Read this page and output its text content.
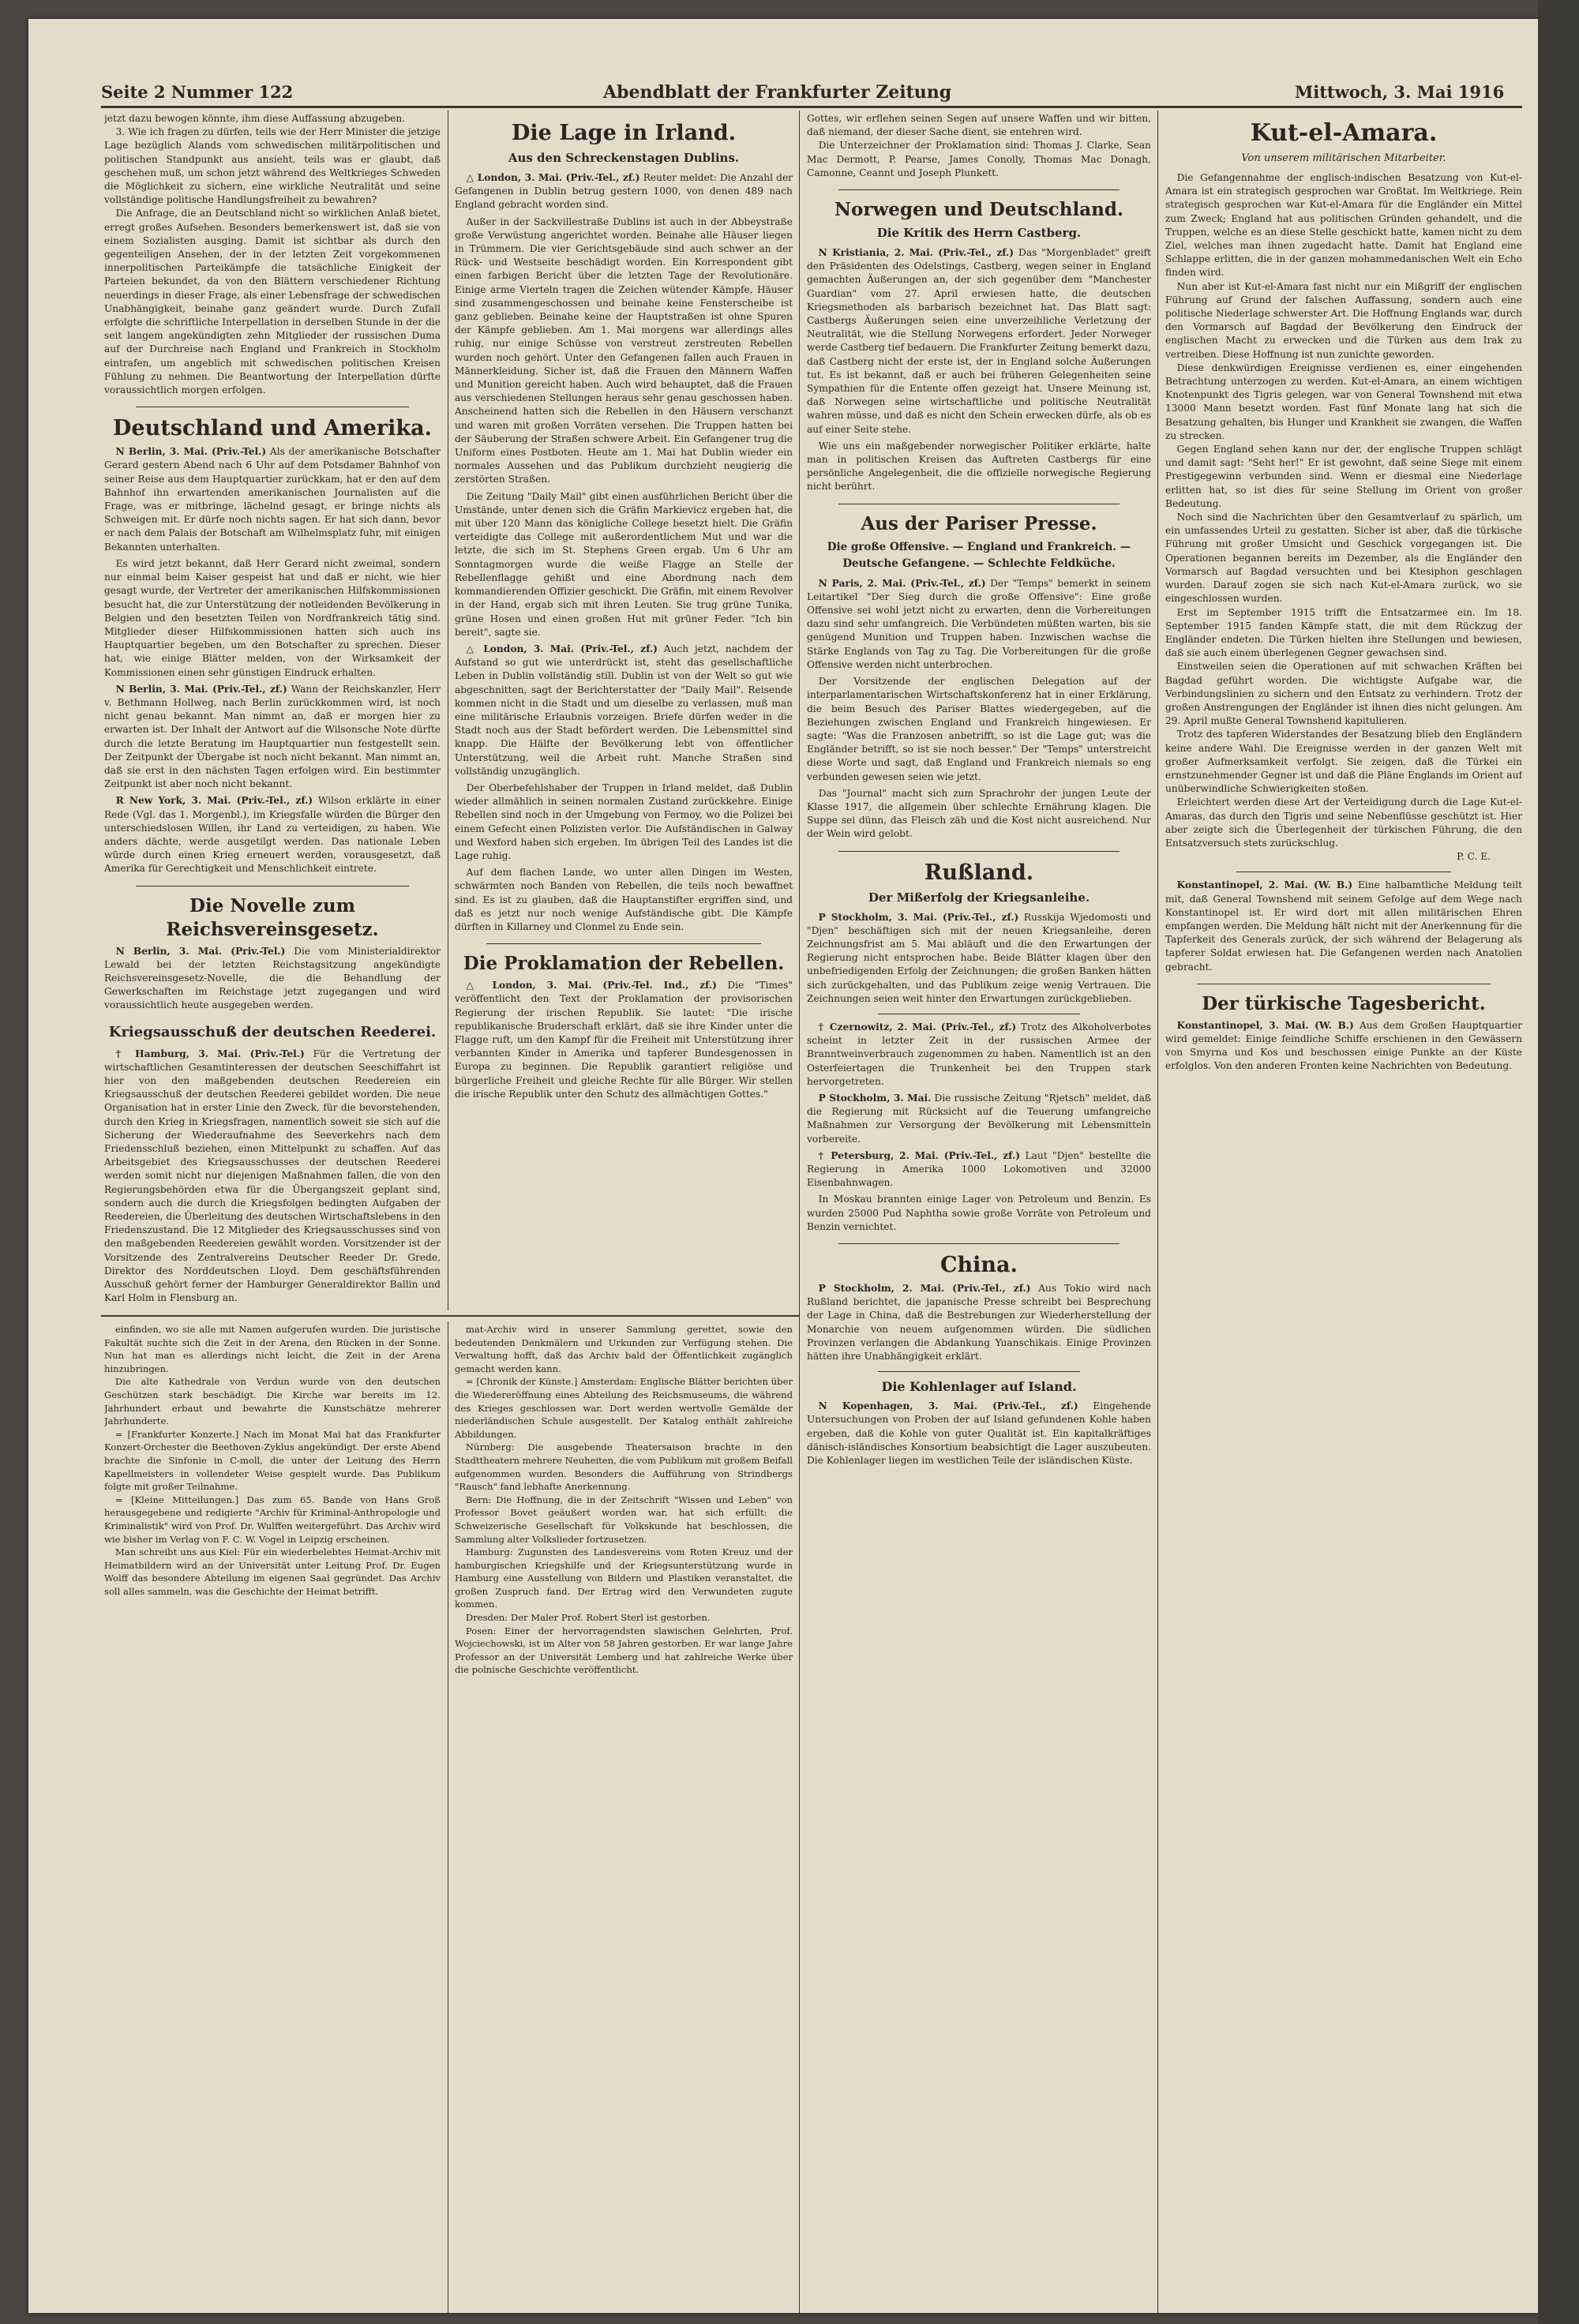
Seite 2 Nummer 122	Abendblatt der Frankfurter Zeitung	Mittwoch, 3. Mai 1916

jetzt dazu bewogen könnte, ihm diese Auffassung abzugeben.

3. Wie ich fragen zu dürfen, teils wie der Herr Minister die jetzige Lage bezüglich Alands vom schwedischen militärpolitischen und politischen Standpunkt aus ansieht, teils was er glaubt, daß geschehen muß, um schon jetzt während des Weltkrieges Schweden die Möglichkeit zu sichern, eine wirkliche Neutralität und seine vollständige politische Handlungsfreiheit zu bewahren?

Die Anfrage, die an Deutschland nicht so wirklichen Anlaß bietet, erregt großes Aufsehen. Besonders bemerkenswert ist, daß sie von einem Sozialisten ausging. Damit ist sichtbar als durch den gegenteiligen Ansehen, der in der letzten Zeit vorgekommenen innerpolitischen Parteikämpfe die tatsächliche Einigkeit der Parteien bekundet, da von den Blättern verschiedener Richtung neuerdings in dieser Frage, als einer Lebensfrage der schwedischen Unabhängigkeit, beinahe ganz geändert wurde. Durch Zufall erfolgte die schriftliche Interpellation in derselben Stunde in der die seit langem angekündigten zehn Mitglieder der russischen Duma auf der Durchreise nach England und Frankreich in Stockholm eintrafen, um angeblich mit schwedischen politischen Kreisen Fühlung zu nehmen. Die Beantwortung der Interpellation dürfte voraussichtlich morgen erfolgen.

Deutschland und Amerika.

N Berlin, 3. Mai. (Priv.-Tel.) Als der amerikanische Botschafter Gerard gestern Abend nach 6 Uhr auf dem Potsdamer Bahnhof von seiner Reise aus dem Hauptquartier zurückkam, hat er den auf dem Bahnhof ihn erwartenden amerikanischen Journalisten auf die Frage, was er mitbringe, lächelnd gesagt, er bringe nichts als Schweigen mit. Er dürfe noch nichts sagen. Er hat sich dann, bevor er nach dem Palais der Botschaft am Wilhelmsplatz fuhr, mit einigen Bekannten unterhalten.

Es wird jetzt bekannt, daß Herr Gerard nicht zweimal, sondern nur einmal beim Kaiser gespeist hat und daß er nicht, wie hier gesagt wurde, der Vertreter der amerikanischen Hilfskommissionen besucht hat, die zur Unterstützung der notleidenden Bevölkerung in Belgien und den besetzten Teilen von Nordfrankreich tätig sind. Mitglieder dieser Hilfskommissionen hatten sich auch ins Hauptquartier begeben, um den Botschafter zu sprechen. Dieser hat, wie einige Blätter melden, von der Wirksamkeit der Kommissionen einen sehr günstigen Eindruck erhalten.

N Berlin, 3. Mai. (Priv.-Tel., zf.) Wann der Reichskanzler, Herr v. Bethmann Hollweg, nach Berlin zurückkommen wird, ist noch nicht genau bekannt. Man nimmt an, daß er morgen hier zu erwarten ist. Der Inhalt der Antwort auf die Wilsonsche Note dürfte durch die letzte Beratung im Hauptquartier nun festgestellt sein. Der Zeitpunkt der Übergabe ist noch nicht bekannt. Man nimmt an, daß sie erst in den nächsten Tagen erfolgen wird. Ein bestimmter Zeitpunkt ist aber noch nicht bekannt.

R New York, 3. Mai. (Priv.-Tel., zf.) Wilson erklärte in einer Rede (Vgl. das 1. Morgenbl.), im Kriegsfalle würden die Bürger den unterschiedslosen Willen, ihr Land zu verteidigen, zu haben. Wie anders dächte, werde ausgetilgt werden. Das nationale Leben würde durch einen Krieg erneuert werden, vorausgesetzt, daß Amerika für Gerechtigkeit und Menschlichkeit eintrete.

Die Novelle zum Reichsvereinsgesetz.

N Berlin, 3. Mai. (Priv.-Tel.) Die vom Ministerialdirektor Lewald bei der letzten Reichstagsitzung angekündigte Reichsvereinsgesetz-Novelle, die die Behandlung der Gewerkschaften im Reichstage jetzt zugegangen und wird voraussichtlich heute ausgegeben werden.

Kriegsausschuß der deutschen Reederei.

† Hamburg, 3. Mai. (Priv.-Tel.) Für die Vertretung der wirtschaftlichen Gesamtinteressen der deutschen Seeschiffahrt ist hier von den maßgebenden deutschen Reedereien ein Kriegsausschuß der deutschen Reederei gebildet worden. Die neue Organisation hat in erster Linie den Zweck, für die bevorstehenden, durch den Krieg in Kriegsfragen, namentlich soweit sie sich auf die Sicherung der Wiederaufnahme des Seeverkehrs nach dem Friedensschluß beziehen, einen Mittelpunkt zu schaffen. Auf das Arbeitsgebiet des Kriegsausschusses der deutschen Reederei werden somit nicht nur diejenigen Maßnahmen fallen, die von den Regierungsbehörden etwa für die Übergangszeit geplant sind, sondern auch die durch die Kriegsfolgen bedingten Aufgaben der Reedereien, die Überleitung des deutschen Wirtschaftslebens in den Friedenszustand. Die 12 Mitglieder des Kriegsausschusses sind von den maßgebenden Reedereien gewählt worden. Vorsitzender ist der Vorsitzende des Zentralvereins Deutscher Reeder Dr. Grede, Direktor des Norddeutschen Lloyd. Dem geschäftsführenden Ausschuß gehört ferner der Hamburger Generaldirektor Ballin und Karl Holm in Flensburg an.

Die Lage in Irland.
Aus den Schreckenstagen Dublins.

△ London, 3. Mai. (Priv.-Tel., zf.) Reuter meldet: Die Anzahl der Gefangenen in Dublin betrug gestern 1000, von denen 489 nach England gebracht worden sind.

Außer in der Sackvillestraße Dublins ist auch in der Abbeystraße große Verwüstung angerichtet worden. Beinahe alle Häuser liegen in Trümmern. Die vier Gerichtsgebäude sind auch schwer an der Rück- und Westseite beschädigt worden. Ein Korrespondent gibt einen farbigen Bericht über die letzten Tage der Revolutionäre. Einige arme Vierteln tragen die Zeichen wütender Kämpfe, Häuser sind zusammengeschossen und beinahe keine Fensterscheibe ist ganz geblieben. Beinahe keine der Hauptstraßen ist ohne Spuren der Kämpfe geblieben. Am 1. Mai morgens war allerdings alles ruhig, nur einige Schüsse von verstreut zerstreuten Rebellen wurden noch gehört. Unter den Gefangenen fallen auch Frauen in Männerkleidung. Sicher ist, daß die Frauen den Männern Waffen und Munition gereicht haben. Auch wird behauptet, daß die Frauen aus verschiedenen Stellungen heraus sehr genau geschossen haben. Anscheinend hatten sich die Rebellen in den Häusern verschanzt und waren mit großen Vorräten versehen. Die Truppen hatten bei der Säuberung der Straßen schwere Arbeit. Ein Gefangener trug die Uniform eines Postboten. Heute am 1. Mai hat Dublin wieder ein normales Aussehen und das Publikum durchzieht neugierig die zerstörten Straßen.

Die Zeitung "Daily Mail" gibt einen ausführlichen Bericht über die Umstände, unter denen sich die Gräfin Markievicz ergeben hat, die mit über 120 Mann das königliche College besetzt hielt. Die Gräfin verteidigte das College mit außerordentlichem Mut und war die letzte, die sich im St. Stephens Green ergab. Um 6 Uhr am Sonntagmorgen wurde die weiße Flagge an Stelle der Rebellenflagge gehißt und eine Abordnung nach dem kommandierenden Offizier geschickt. Die Gräfin, mit einem Revolver in der Hand, ergab sich mit ihren Leuten. Sie trug grüne Tunika, grüne Hosen und einen großen Hut mit grüner Feder. "Ich bin bereit", sagte sie.

△ London, 3. Mai. (Priv.-Tel., zf.) Auch jetzt, nachdem der Aufstand so gut wie unterdrückt ist, steht das gesellschaftliche Leben in Dublin vollständig still. Dublin ist von der Welt so gut wie abgeschnitten, sagt der Berichterstatter der "Daily Mail". Reisende kommen nicht in die Stadt und um dieselbe zu verlassen, muß man eine militärische Erlaubnis vorzeigen. Briefe dürfen weder in die Stadt noch aus der Stadt befördert werden. Die Lebensmittel sind knapp. Die Hälfte der Bevölkerung lebt von öffentlicher Unterstützung, weil die Arbeit ruht. Manche Straßen sind vollständig unzugänglich.

Der Oberbefehlshaber der Truppen in Irland meldet, daß Dublin wieder allmählich in seinen normalen Zustand zurückkehre. Einige Rebellen sind noch in der Umgebung von Fermoy, wo die Polizei bei einem Gefecht einen Polizisten verlor. Die Aufständischen in Galway und Wexford haben sich ergeben. Im übrigen Teil des Landes ist die Lage ruhig.

Auf dem flachen Lande, wo unter allen Dingen im Westen, schwärmten noch Banden von Rebellen, die teils noch bewaffnet sind. Es ist zu glauben, daß die Hauptanstifter ergriffen sind, und daß es jetzt nur noch wenige Aufständische gibt. Die Kämpfe dürften in Killarney und Clonmel zu Ende sein.

Die Proklamation der Rebellen.

△ London, 3. Mai. (Priv.-Tel. Ind., zf.) Die "Times" veröffentlicht den Text der Proklamation der provisorischen Regierung der irischen Republik. Sie lautet: "Die irische republikanische Bruderschaft erklärt, daß sie ihre Kinder unter die Flagge ruft, um den Kampf für die Freiheit mit Unterstützung ihrer verbannten Kinder in Amerika und tapferer Bundesgenossen in Europa zu beginnen. Die Republik garantiert religiöse und bürgerliche Freiheit und gleiche Rechte für alle Bürger. Wir stellen die irische Republik unter den Schutz des allmächtigen Gottes."

Gottes, wir erflehen seinen Segen auf unsere Waffen und wir bitten, daß niemand, der dieser Sache dient, sie entehren wird.

Die Unterzeichner der Proklamation sind: Thomas J. Clarke, Sean Mac Dermott, P. Pearse, James Conolly, Thomas Mac Donagh, Camonne, Ceannt und Joseph Plunkett.

Norwegen und Deutschland.
Die Kritik des Herrn Castberg.

N Kristiania, 2. Mai. (Priv.-Tel., zf.) Das "Morgenbladet" greift den Präsidenten des Odelstings, Castberg, wegen seiner in England gemachten Äußerungen an, der sich gegenüber dem "Manchester Guardian" vom 27. April erwiesen hatte, die deutschen Kriegsmethoden als barbarisch bezeichnet hat. Das Blatt sagt: Castbergs Äußerungen seien eine unverzeihliche Verletzung der Neutralität, wie die Stellung Norwegens erfordert. Jeder Norweger werde Castberg tief bedauern. Die Frankfurter Zeitung bemerkt dazu, daß Castberg nicht der erste ist, der in England solche Äußerungen tut. Es ist bekannt, daß er auch bei früheren Gelegenheiten seine Sympathien für die Entente offen gezeigt hat. Unsere Meinung ist, daß Norwegen seine wirtschaftliche und politische Neutralität wahren müsse, und daß es nicht den Schein erwecken dürfe, als ob es auf einer Seite stehe.

Wie uns ein maßgebender norwegischer Politiker erklärte, halte man in politischen Kreisen das Auftreten Castbergs für eine persönliche Angelegenheit, die die offizielle norwegische Regierung nicht berührt.

Aus der Pariser Presse.
Die große Offensive. — England und Frankreich. — Deutsche Gefangene. — Schlechte Feldküche.

N Paris, 2. Mai. (Priv.-Tel., zf.) Der "Temps" bemerkt in seinem Leitartikel "Der Sieg durch die große Offensive": Eine große Offensive sei wohl jetzt nicht zu erwarten, denn die Vorbereitungen dazu sind sehr umfangreich. Die Verbündeten müßten warten, bis sie genügend Munition und Truppen haben. Inzwischen wachse die Stärke Englands von Tag zu Tag. Die Vorbereitungen für die große Offensive werden nicht unterbrochen.

Der Vorsitzende der englischen Delegation auf der interparlamentarischen Wirtschaftskonferenz hat in einer Erklärung, die beim Besuch des Pariser Blattes wiedergegeben, auf die Beziehungen zwischen England und Frankreich hingewiesen. Er sagte: "Was die Franzosen anbetrifft, so ist die Lage gut; was die Engländer betrifft, so ist sie noch besser." Der "Temps" unterstreicht diese Worte und sagt, daß England und Frankreich niemals so eng verbunden gewesen seien wie jetzt.

Das "Journal" macht sich zum Sprachrohr der jungen Leute der Klasse 1917, die allgemein über schlechte Ernährung klagen. Die Suppe sei dünn, das Fleisch zäh und die Kost nicht ausreichend. Nur der Wein wird gelobt.

Rußland.
Der Mißerfolg der Kriegsanleihe.

P Stockholm, 3. Mai. (Priv.-Tel., zf.) Russkija Wjedomosti und "Djen" beschäftigen sich mit der neuen Kriegsanleihe, deren Zeichnungsfrist am 5. Mai abläuft und die den Erwartungen der Regierung nicht entsprochen habe. Beide Blätter klagen über den unbefriedigenden Erfolg der Zeichnungen; die großen Banken hätten sich zurückgehalten, und das Publikum zeige wenig Vertrauen. Die Zeichnungen seien weit hinter den Erwartungen zurückgeblieben.

† Czernowitz, 2. Mai. (Priv.-Tel., zf.) Trotz des Alkoholverbotes scheint in letzter Zeit in der russischen Armee der Branntweinverbrauch zugenommen zu haben. Namentlich ist an den Osterfeiertagen die Trunkenheit bei den Truppen stark hervorgetreten.

P Stockholm, 3. Mai. Die russische Zeitung "Rjetsch" meldet, daß die Regierung mit Rücksicht auf die Teuerung umfangreiche Maßnahmen zur Versorgung der Bevölkerung mit Lebensmitteln vorbereite.

† Petersburg, 2. Mai. (Priv.-Tel., zf.) Laut "Djen" bestellte die Regierung in Amerika 1000 Lokomotiven und 32000 Eisenbahnwagen.

In Moskau brannten einige Lager von Petroleum und Benzin. Es wurden 25000 Pud Naphtha sowie große Vorräte von Petroleum und Benzin vernichtet.

China.

P Stockholm, 2. Mai. (Priv.-Tel., zf.) Aus Tokio wird nach Rußland berichtet, die japanische Presse schreibt bei Besprechung der Lage in China, daß die Bestrebungen zur Wiederherstellung der Monarchie von neuem aufgenommen würden. Die südlichen Provinzen verlangen die Abdankung Yuanschikais. Einige Provinzen hätten ihre Unabhängigkeit erklärt.

Die Kohlenlager auf Island.

N Kopenhagen, 3. Mai. (Priv.-Tel., zf.) Eingehende Untersuchungen von Proben der auf Island gefundenen Kohle haben ergeben, daß die Kohle von guter Qualität ist. Ein kapitalkräftiges dänisch-isländisches Konsortium beabsichtigt die Lager auszubeuten. Die Kohlenlager liegen im westlichen Teile der isländischen Küste.

Kut-el-Amara.
Von unserem militärischen Mitarbeiter.

Die Gefangennahme der englisch-indischen Besatzung von Kut-el-Amara ist ein strategisch gesprochen war Großtat. Im Weltkriege. Rein strategisch gesprochen war Kut-el-Amara für die Engländer ein Mittel zum Zweck; England hat aus politischen Gründen gehandelt, und die Truppen, welche es an diese Stelle geschickt hatte, kamen nicht zu dem Ziel, welches man ihnen zugedacht hatte. Damit hat England eine Schlappe erlitten, die in der ganzen mohammedanischen Welt ein Echo finden wird.

Nun aber ist Kut-el-Amara fast nicht nur ein Mißgriff der englischen Führung auf Grund der falschen Auffassung, sondern auch eine politische Niederlage schwerster Art. Die Hoffnung Englands war, durch den Vormarsch auf Bagdad der Bevölkerung den Eindruck der englischen Macht zu erwecken und die Türken aus dem Irak zu vertreiben. Diese Hoffnung ist nun zunichte geworden.

Diese denkwürdigen Ereignisse verdienen es, einer eingehenden Betrachtung unterzogen zu werden. Kut-el-Amara, an einem wichtigen Knotenpunkt des Tigris gelegen, war von General Townshend mit etwa 13000 Mann besetzt worden. Fast fünf Monate lang hat sich die Besatzung gehalten, bis Hunger und Krankheit sie zwangen, die Waffen zu strecken.

Gegen England sehen kann nur der, der englische Truppen schlägt und damit sagt: "Seht her!" Er ist gewohnt, daß seine Siege mit einem Prestigegewinn verbunden sind. Wenn er diesmal eine Niederlage erlitten hat, so ist dies für seine Stellung im Orient von großer Bedeutung.

Noch sind die Nachrichten über den Gesamtverlauf zu spärlich, um ein umfassendes Urteil zu gestatten. Sicher ist aber, daß die türkische Führung mit großer Umsicht und Geschick vorgegangen ist. Die Operationen begannen bereits im Dezember, als die Engländer den Vormarsch auf Bagdad versuchten und bei Ktesiphon geschlagen wurden. Darauf zogen sie sich nach Kut-el-Amara zurück, wo sie eingeschlossen wurden.

Erst im September 1915 trifft die Entsatzarmee ein. Im 18. September 1915 fanden Kämpfe statt, die mit dem Rückzug der Engländer endeten. Die Türken hielten ihre Stellungen und bewiesen, daß sie auch einem überlegenen Gegner gewachsen sind.

Einstweilen seien die Operationen auf mit schwachen Kräften bei Bagdad geführt worden. Die wichtigste Aufgabe war, die Verbindungslinien zu sichern und den Entsatz zu verhindern. Trotz der großen Anstrengungen der Engländer ist ihnen dies nicht gelungen. Am 29. April mußte General Townshend kapitulieren.

Trotz des tapferen Widerstandes der Besatzung blieb den Engländern keine andere Wahl. Die Ereignisse werden in der ganzen Welt mit großer Aufmerksamkeit verfolgt. Sie zeigen, daß die Türkei ein ernstzunehmender Gegner ist und daß die Pläne Englands im Orient auf unüberwindliche Schwierigkeiten stoßen.

Erleichtert werden diese Art der Verteidigung durch die Lage Kut-el-Amaras, das durch den Tigris und seine Nebenflüsse geschützt ist. Hier aber zeigte sich die Überlegenheit der türkischen Führung, die den Entsatzversuch stets zurückschlug.

P. C. E.

Konstantinopel, 2. Mai. (W. B.) Eine halbamtliche Meldung teilt mit, daß General Townshend mit seinem Gefolge auf dem Wege nach Konstantinopel ist. Er wird dort mit allen militärischen Ehren empfangen werden. Die Meldung hält nicht mit der Anerkennung für die Tapferkeit des Generals zurück, der sich während der Belagerung als tapferer Soldat erwiesen hat. Die Gefangenen werden nach Anatolien gebracht.

Der türkische Tagesbericht.

Konstantinopel, 3. Mai. (W. B.) Aus dem Großen Hauptquartier wird gemeldet: Einige feindliche Schiffe erschienen in den Gewässern von Smyrna und Kos und beschossen einige Punkte an der Küste erfolglos. Von den anderen Fronten keine Nachrichten von Bedeutung.

einfinden, wo sie alle mit Namen aufgerufen wurden. Die juristische Fakultät suchte sich die Zeit in der Arena, den Rücken in der Sonne. Nun hat man es allerdings nicht leicht, die Zeit in der Arena hinzubringen.

Die alte Kathedrale von Verdun wurde von den deutschen Geschützen stark beschädigt. Die Kirche war bereits im 12. Jahrhundert erbaut und bewahrte die Kunstschätze mehrerer Jahrhunderte.

= [Frankfurter Konzerte.] Nach im Monat Mai hat das Frankfurter Konzert-Orchester die Beethoven-Zyklus angekündigt. Der erste Abend brachte die Sinfonie in C-moll, die unter der Leitung des Herrn Kapellmeisters in vollendeter Weise gespielt wurde. Das Publikum folgte mit großer Teilnahme.

= [Kleine Mitteilungen.] Das zum 65. Bande von Hans Groß herausgegebene und redigierte "Archiv für Kriminal-Anthropologie und Kriminalistik" wird von Prof. Dr. Wulffen weitergeführt. Das Archiv wird wie bisher im Verlag von F. C. W. Vogel in Leipzig erscheinen.

Man schreibt uns aus Kiel: Für ein wiederbelebtes Heimat-Archiv mit Heimatbildern wird an der Universität unter Leitung Prof. Dr. Eugen Wolff das besondere Abteilung im eigenen Saal gegründet. Das Archiv soll alles sammeln, was die Geschichte der Heimat betrifft.

mat-Archiv wird in unserer Sammlung gerettet, sowie den bedeutenden Denkmälern und Urkunden zur Verfügung stehen. Die Verwaltung hofft, daß das Archiv bald der Öffentlichkeit zugänglich gemacht werden kann.

= [Chronik der Künste.] Amsterdam: Englische Blätter berichten über die Wiedereröffnung eines Abteilung des Reichsmuseums, die während des Krieges geschlossen war. Dort werden wertvolle Gemälde der niederländischen Schule ausgestellt. Der Katalog enthält zahlreiche Abbildungen.

Nürnberg: Die ausgebende Theatersaison brachte in den Stadttheatern mehrere Neuheiten, die vom Publikum mit großem Beifall aufgenommen wurden. Besonders die Aufführung von Strindbergs "Rausch" fand lebhafte Anerkennung.

Bern: Die Hoffnung, die in der Zeitschrift "Wissen und Leben" von Professor Bovet geäußert worden war, hat sich erfüllt: die Schweizerische Gesellschaft für Volkskunde hat beschlossen, die Sammlung alter Volkslieder fortzusetzen.

Hamburg: Zugunsten des Landesvereins vom Roten Kreuz und der hamburgischen Kriegshilfe und der Kriegsunterstützung wurde in Hamburg eine Ausstellung von Bildern und Plastiken veranstaltet, die großen Zuspruch fand. Der Ertrag wird den Verwundeten zugute kommen.

Dresden: Der Maler Prof. Robert Sterl ist gestorben.

Posen: Einer der hervorragendsten slawischen Gelehrten, Prof. Wojciechowski, ist im Alter von 58 Jahren gestorben. Er war lange Jahre Professor an der Universität Lemberg und hat zahlreiche Werke über die polnische Geschichte veröffentlicht.
